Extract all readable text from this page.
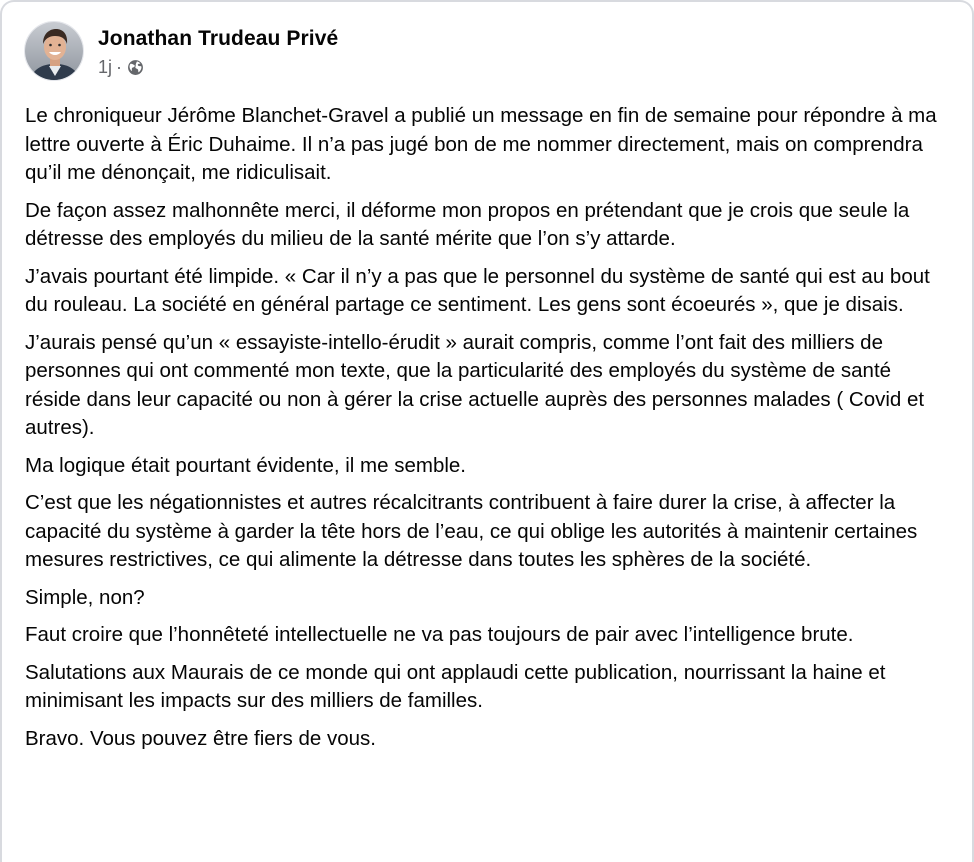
Jonathan Trudeau Privé
1j ·

Le chroniqueur Jérôme Blanchet-Gravel a publié un message en fin de semaine pour répondre à ma lettre ouverte à Éric Duhaime. Il n’a pas jugé bon de me nommer directement, mais on comprendra qu’il me dénonçait, me ridiculisait.

De façon assez malhonnête merci, il déforme mon propos en prétendant que je crois que seule la détresse des employés du milieu de la santé mérite que l’on s’y attarde.

J’avais pourtant été limpide. « Car il n’y a pas que le personnel du système de santé qui est au bout du rouleau. La société en général partage ce sentiment. Les gens sont écoeurés », que je disais.

J’aurais pensé qu’un « essayiste-intello-érudit » aurait compris, comme l’ont fait des milliers de personnes qui ont commenté mon texte, que la particularité des employés du système de santé réside dans leur capacité ou non à gérer la crise actuelle auprès des personnes malades ( Covid et autres).

Ma logique était pourtant évidente, il me semble.

C’est que les négationnistes et autres récalcitrants contribuent à faire durer la crise, à affecter la capacité du système à garder la tête hors de l’eau, ce qui oblige les autorités à maintenir certaines mesures restrictives, ce qui alimente la détresse dans toutes les sphères de la société.

Simple, non?

Faut croire que l’honnêteté intellectuelle ne va pas toujours de pair avec l’intelligence brute.

Salutations aux Maurais de ce monde qui ont applaudi cette publication, nourrissant la haine et minimisant les impacts sur des milliers de familles.

Bravo. Vous pouvez être fiers de vous.
